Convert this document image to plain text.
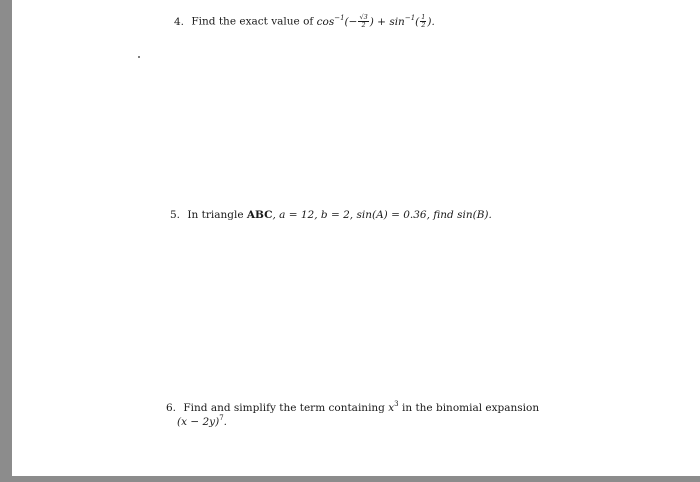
4. Find the exact value of $\cos^{-1}(- \frac{√3}{2}$ ) + $\sin^{-1}( \frac{1}{2}$ ).
5. In triangle ABC, a = 12, b = 2, sin(A) = 0.36, find sin(B).
6. Find and simplify the term containing $x^3$ in the binomial expansion
$(x - 2y)^7$.
